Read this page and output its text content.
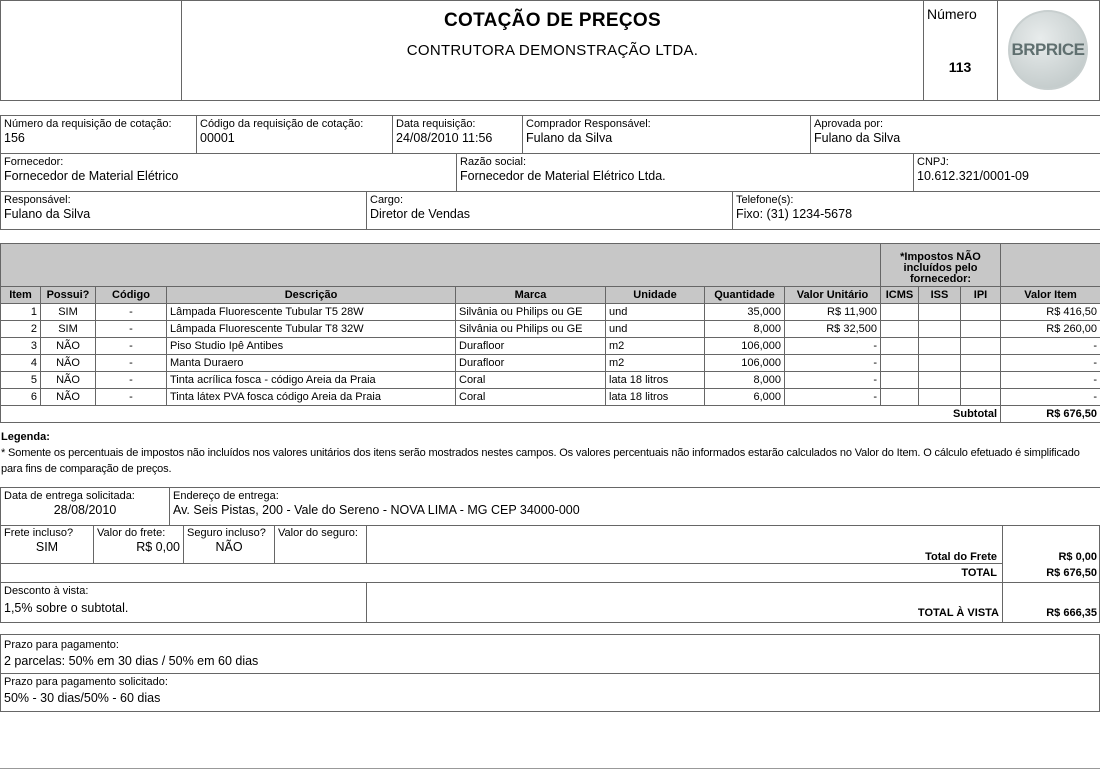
COTAÇÃO DE PREÇOS
CONTRUTORA DEMONSTRAÇÃO LTDA.
Número
113
BRPRICE
Número da requisição de cotação:
156

Código da requisição de cotação:
00001

Data requisição:
24/08/2010 11:56

Comprador Responsável:
Fulano da Silva

Aprovada por:
Fulano da Silva
Fornecedor:
Fornecedor de Material Elétrico

Razão social:
Fornecedor de Material Elétrico Ltda.

CNPJ:
10.612.321/0001-09
Responsável:
Fulano da Silva

Cargo:
Diretor de Vendas

Telefone(s):
Fixo: (31) 1234-5678
								*Impostos NÃO incluídos pelo fornecedor:			
Item	Possui?	Código	Descrição	Marca	Unidade	Quantidade	Valor Unitário	ICMS	ISS	IPI	Valor Item
1	SIM	-	Lâmpada Fluorescente Tubular T5 28W	Silvânia ou Philips ou GE	und	35,000	R$ 11,900				R$ 416,50
2	SIM	-	Lâmpada Fluorescente Tubular T8 32W	Silvânia ou Philips ou GE	und	8,000	R$ 32,500				R$ 260,00
3	NÃO	-	Piso Studio Ipê Antibes	Durafloor	m2	106,000	-				-
4	NÃO	-	Manta Duraero	Durafloor	m2	106,000	-				-
5	NÃO	-	Tinta acrílica fosca - código Areia da Praia	Coral	lata 18 litros	8,000	-				-
6	NÃO	-	Tinta látex PVA fosca código Areia da Praia	Coral	lata 18 litros	6,000	-				-
Subtotal											R$ 676,50
Legenda:
* Somente os percentuais de impostos não incluídos nos valores unitários dos itens serão mostrados nestes campos. Os valores percentuais não informados estarão calculados no Valor do Item. O cálculo efetuado é simplificado para fins de comparação de preços.
Data de entrega solicitada:
28/08/2010

Endereço de entrega:
Av. Seis Pistas, 200 - Vale do Sereno - NOVA LIMA - MG CEP 34000-000
Frete incluso?
SIM
Valor do frete:
R$ 0,00
Seguro incluso?
NÃO
Valor do seguro:
Total do Frete	R$ 0,00
TOTAL	R$ 676,50
Desconto à vista:
1,5% sobre o subtotal.	TOTAL À VISTA	R$ 666,35
Prazo para pagamento:
2 parcelas: 50% em 30 dias / 50% em 60 dias

Prazo para pagamento solicitado:
50% - 30 dias/50% - 60 dias
